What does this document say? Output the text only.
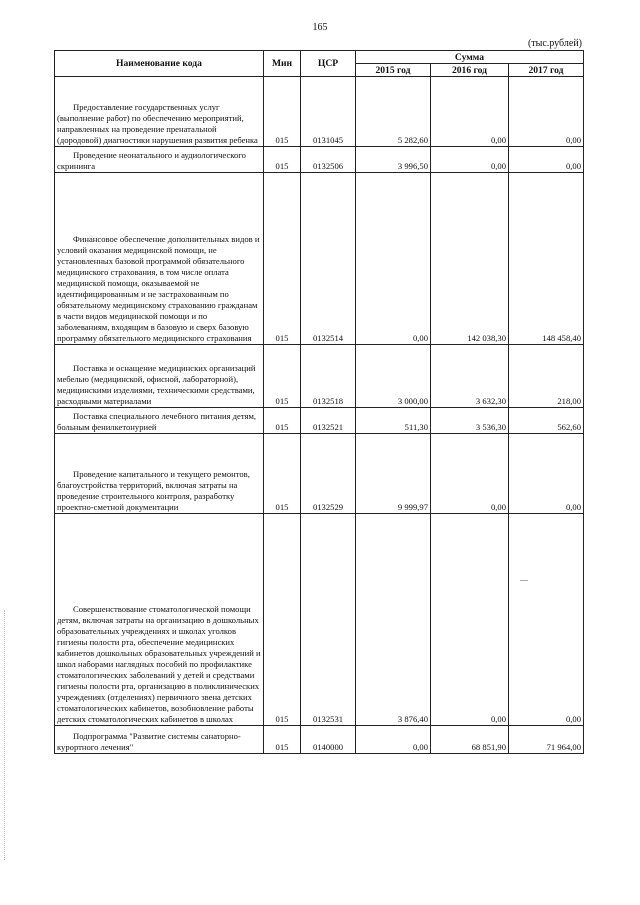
165
(тыс.рублей)
Наименование кода	Мин	ЦСР	Сумма		
			2015 год	2016 год	2017 год

Предоставление государственных услуг (выполнение работ) по обеспечению мероприятий, направленных на проведение пренатальной (дородовой) диагностики нарушения развития ребенка	015	0131045	5 282,60	0,00	0,00

Проведение неонатального и аудиологического скрининга	015	0132506	3 996,50	0,00	0,00

Финансовое обеспечение дополнительных видов и условий оказания медицинской помощи, не установленных базовой программой обязательного медицинского страхования, в том числе оплата медицинской помощи, оказываемой не идентифицированным и не застрахованным по обязательному медицинскому страхованию гражданам в части видов медицинской помощи и по заболеваниям, входящим в базовую и сверх базовую программу обязательного медицинского страхования	015	0132514	0,00	142 038,30	148 458,40

Поставка и оснащение медицинских организаций мебелью (медицинской, офисной, лабораторной), медицинскими изделиями, техническими средствами, расходными материалами	015	0132518	3 000,00	3 632,30	218,00

Поставка специального лечебного питания детям, больным фенилкетонурией	015	0132521	511,30	3 536,30	562,60

Проведение капитального и текущего ремонтов, благоустройства территорий, включая затраты на проведение строительного контроля, разработку проектно-сметной документации	015	0132529	9 999,97	0,00	0,00

Совершенствование стоматологической помощи детям, включая затраты на организацию в дошкольных образовательных учреждениях и школах уголков гигиены полости рта, обеспечение медицинских кабинетов дошкольных образовательных учреждений и школ наборами наглядных пособий по профилактике стоматологических заболеваний у детей и средствами гигиены полости рта, организацию в поликлинических учреждениях (отделениях) первичного звена детских стоматологических кабинетов, возобновление работы детских стоматологических кабинетов в школах	015	0132531	3 876,40	0,00	0,00

Подпрограмма "Развитие системы санаторно-курортного лечения"	015	0140000	0,00	68 851,90	71 964,00
